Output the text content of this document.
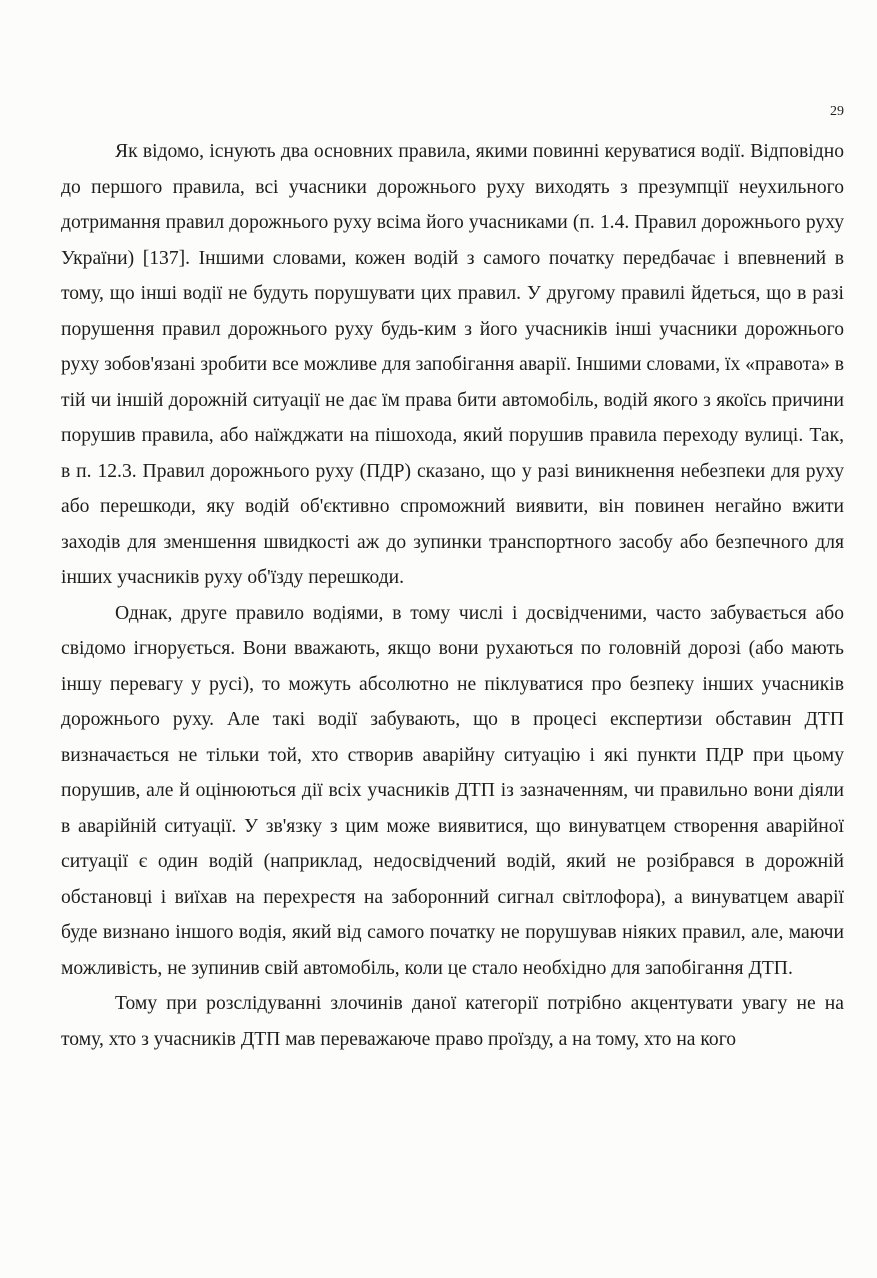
29

Як відомо, існують два основних правила, якими повинні керуватися водії. Відповідно до першого правила, всі учасники дорожнього руху виходять з презумпції неухильного дотримання правил дорожнього руху всіма його учасниками (п. 1.4. Правил дорожнього руху України) [137]. Іншими словами, кожен водій з самого початку передбачає і впевнений в тому, що інші водії не будуть порушувати цих правил. У другому правилі йдеться, що в разі порушення правил дорожнього руху будь-ким з його учасників інші учасники дорожнього руху зобов'язані зробити все можливе для запобігання аварії. Іншими словами, їх «правота» в тій чи іншій дорожній ситуації не дає їм права бити автомобіль, водій якого з якоїсь причини порушив правила, або наїжджати на пішохода, який порушив правила переходу вулиці. Так, в п. 12.3. Правил дорожнього руху (ПДР) сказано, що у разі виникнення небезпеки для руху або перешкоди, яку водій об'єктивно спроможний виявити, він повинен негайно вжити заходів для зменшення швидкості аж до зупинки транспортного засобу або безпечного для інших учасників руху об'їзду перешкоди.

Однак, друге правило водіями, в тому числі і досвідченими, часто забувається або свідомо ігнорується. Вони вважають, якщо вони рухаються по головній дорозі (або мають іншу перевагу у русі), то можуть абсолютно не піклуватися про безпеку інших учасників дорожнього руху. Але такі водії забувають, що в процесі експертизи обставин ДТП визначається не тільки той, хто створив аварійну ситуацію і які пункти ПДР при цьому порушив, але й оцінюються дії всіх учасників ДТП із зазначенням, чи правильно вони діяли в аварійній ситуації. У зв'язку з цим може виявитися, що винуватцем створення аварійної ситуації є один водій (наприклад, недосвідчений водій, який не розібрався в дорожній обстановці і виїхав на перехрестя на заборонний сигнал світлофора), а винуватцем аварії буде визнано іншого водія, який від самого початку не порушував ніяких правил, але, маючи можливість, не зупинив свій автомобіль, коли це стало необхідно для запобігання ДТП.

Тому при розслідуванні злочинів даної категорії потрібно акцентувати увагу не на тому, хто з учасників ДТП мав переважаюче право проїзду, а на тому, хто на кого
